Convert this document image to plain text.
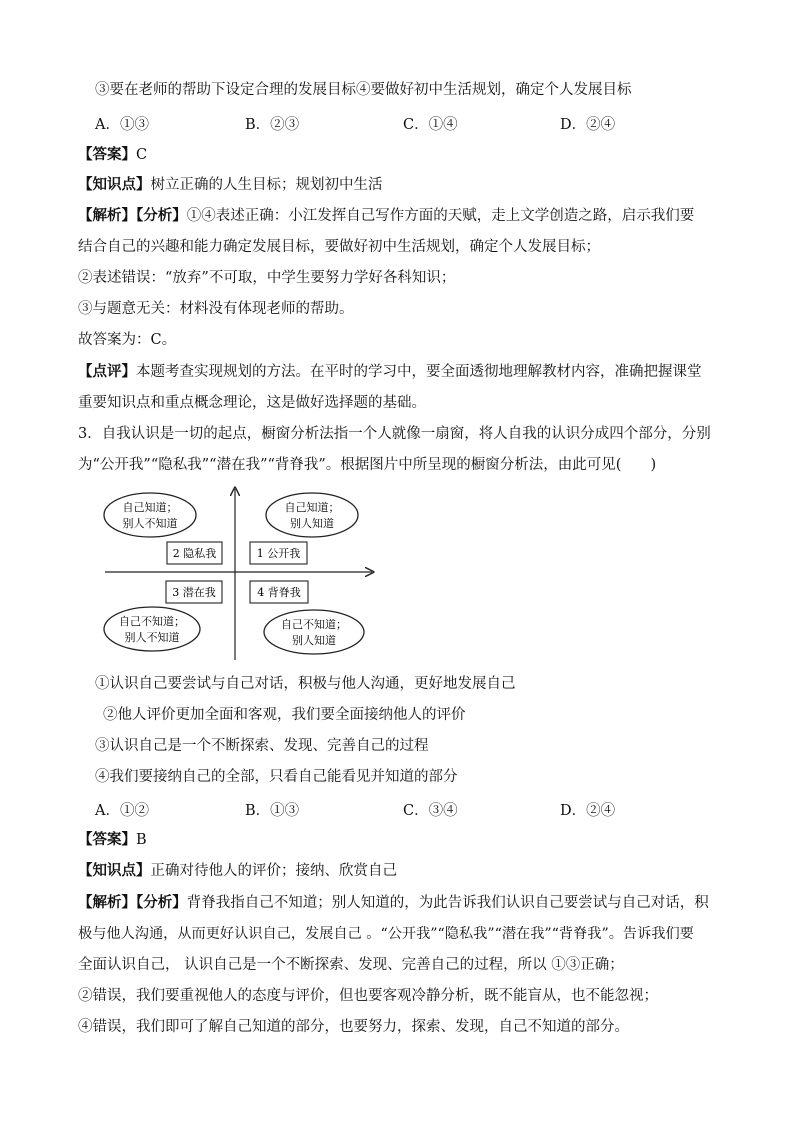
③要在老师的帮助下设定合理的发展目标④要做好初中生活规划，确定个人发展目标
A．①③	B．②③	C．①④	D．②④
【答案】C
【知识点】树立正确的人生目标；规划初中生活
【解析】【分析】①④表述正确：小江发挥自己写作方面的天赋，走上文学创造之路，启示我们要
结合自己的兴趣和能力确定发展目标，要做好初中生活规划，确定个人发展目标；
②表述错误：“放弃”不可取，中学生要努力学好各科知识；
③与题意无关：材料没有体现老师的帮助。
故答案为：C。
【点评】本题考查实现规划的方法。在平时的学习中，要全面透彻地理解教材内容，准确把握课堂
重要知识点和重点概念理论，这是做好选择题的基础。
3．自我认识是一切的起点，橱窗分析法指一个人就像一扇窗，将人自我的认识分成四个部分，分别
为“公开我”“隐私我”“潜在我”“背脊我”。根据图片中所呈现的橱窗分析法，由此可见(　　)
自己知道；
别人不知道
自己知道；
别人知道
自己不知道；
别人不知道
自己不知道；
别人知道
2 隐私我	1 公开我
3 潜在我	4 背脊我
①认识自己要尝试与自己对话，积极与他人沟通，更好地发展自己
②他人评价更加全面和客观，我们要全面接纳他人的评价
③认识自己是一个不断探索、发现、完善自己的过程
④我们要接纳自己的全部，只看自己能看见并知道的部分
A．①②	B．①③	C．③④	D．②④
【答案】B
【知识点】正确对待他人的评价；接纳、欣赏自己
【解析】【分析】背脊我指自己不知道；别人知道的，为此告诉我们认识自己要尝试与自己对话，积
极与他人沟通，从而更好认识自己，发展自己 。“公开我”“隐私我”“潜在我”“背脊我”。告诉我们要
全面认识自己， 认识自己是一个不断探索、发现、完善自己的过程，所以 ①③正确；
②错误，我们要重视他人的态度与评价，但也要客观冷静分析，既不能盲从，也不能忽视；
④错误，我们即可了解自己知道的部分，也要努力，探索、发现，自己不知道的部分。
